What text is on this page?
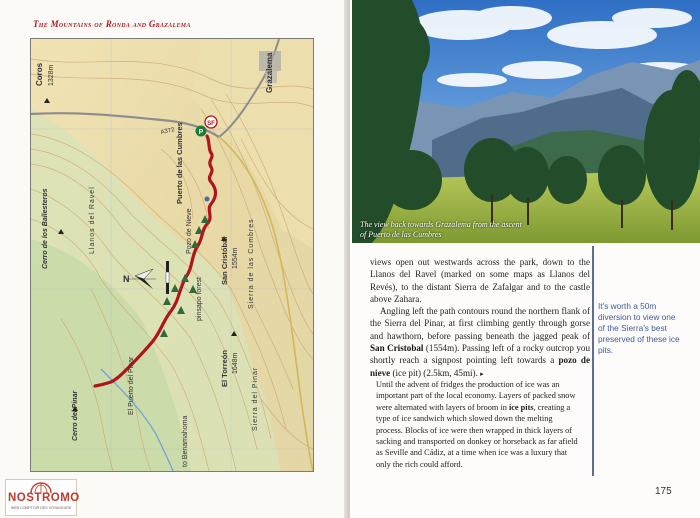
The Mountains of Ronda and Grazalema
P
SF
N
Coros 1328m	Grazalema
A372 Puerto de las Cumbres
Llanos del Ravel
Cerro de los Ballesteros	Pozo de Nieve
San Cristóbal 1554m Sierra de las Cumbres
pinsapo forest
El Torreón 1648m
Sierra del Pinar
El Puerto del Pinar
Cerro del Pinar	to Benamahoma
The view back towards Grazalema from the ascent of Puerto de las Cumbres

views open out westwards across the park, down to the Llanos del Ravel (marked on some maps as Llanos del Revés), to the distant Sierra de Zafalgar and to the castle above Zahara.

Angling left the path contours round the northern flank of the Sierra del Pinar, at first climbing gently through gorse and hawthorn, before passing beneath the jagged peak of San Cristobal (1554m). Passing left of a rocky outcrop you shortly reach a signpost pointing left towards a pozo de nieve (ice pit) (2.5km, 45mi). ▸

Until the advent of fridges the production of ice was an important part of the local economy. Layers of packed snow were alternated with layers of broom in ice pits, creating a type of ice sandwich which slowed down the melting process. Blocks of ice were then wrapped in thick layers of sacking and transported on donkey or horseback as far afield as Seville and Cádiz, at a time when ice was a luxury that only the rich could afford.
It's worth a 50m diversion to view one of the Sierra's best preserved of these ice pits.
175
NOSTROMO
WEB COMPTOIR DES VOYAGEURS
